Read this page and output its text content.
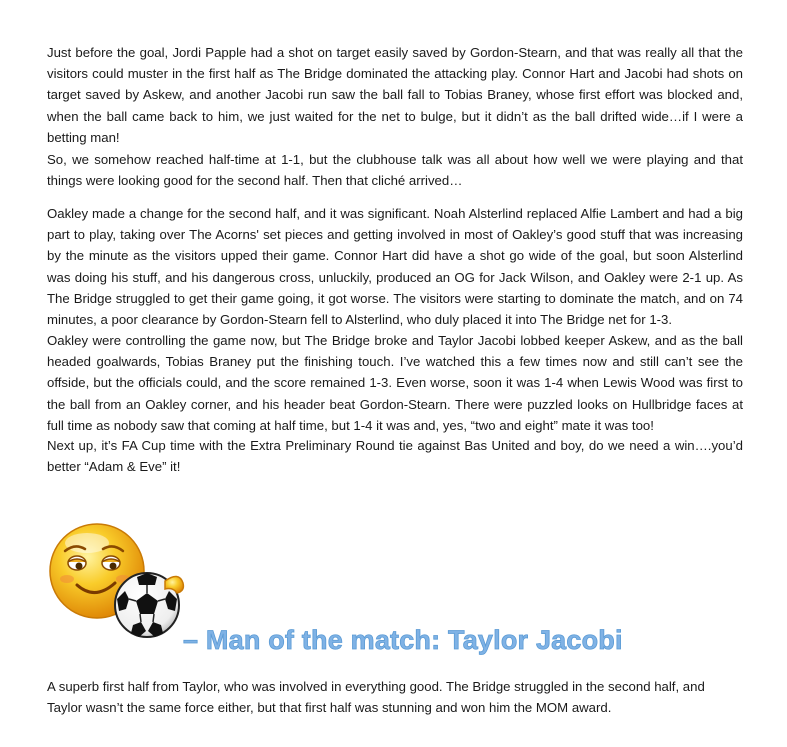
Just before the goal, Jordi Papple had a shot on target easily saved by Gordon-Stearn, and that was really all that the visitors could muster in the first half as The Bridge dominated the attacking play. Connor Hart and Jacobi had shots on target saved by Askew, and another Jacobi run saw the ball fall to Tobias Braney, whose first effort was blocked and, when the ball came back to him, we just waited for the net to bulge, but it didn’t as the ball drifted wide…if I were a betting man!

So, we somehow reached half-time at 1-1, but the clubhouse talk was all about how well we were playing and that things were looking good for the second half. Then that cliché arrived…

Oakley made a change for the second half, and it was significant. Noah Alsterlind replaced Alfie Lambert and had a big part to play, taking over The Acorns' set pieces and getting involved in most of Oakley’s good stuff that was increasing by the minute as the visitors upped their game. Connor Hart did have a shot go wide of the goal, but soon Alsterlind was doing his stuff, and his dangerous cross, unluckily, produced an OG for Jack Wilson, and Oakley were 2-1 up. As The Bridge struggled to get their game going, it got worse. The visitors were starting to dominate the match, and on 74 minutes, a poor clearance by Gordon-Stearn fell to Alsterlind, who duly placed it into The Bridge net for 1-3.

Oakley were controlling the game now, but The Bridge broke and Taylor Jacobi lobbed keeper Askew, and as the ball headed goalwards, Tobias Braney put the finishing touch. I’ve watched this a few times now and still can’t see the offside, but the officials could, and the score remained 1-3. Even worse, soon it was 1-4 when Lewis Wood was first to the ball from an Oakley corner, and his header beat Gordon-Stearn. There were puzzled looks on Hullbridge faces at full time as nobody saw that coming at half time, but 1-4 it was and, yes, “two and eight” mate it was too!

Next up, it’s FA Cup time with the Extra Preliminary Round tie against Bas United and boy, do we need a win….you’d better “Adam & Eve” it!

– Man of the match: Taylor Jacobi

A superb first half from Taylor, who was involved in everything good. The Bridge struggled in the second half, and Taylor wasn’t the same force either, but that first half was stunning and won him the MOM award.
